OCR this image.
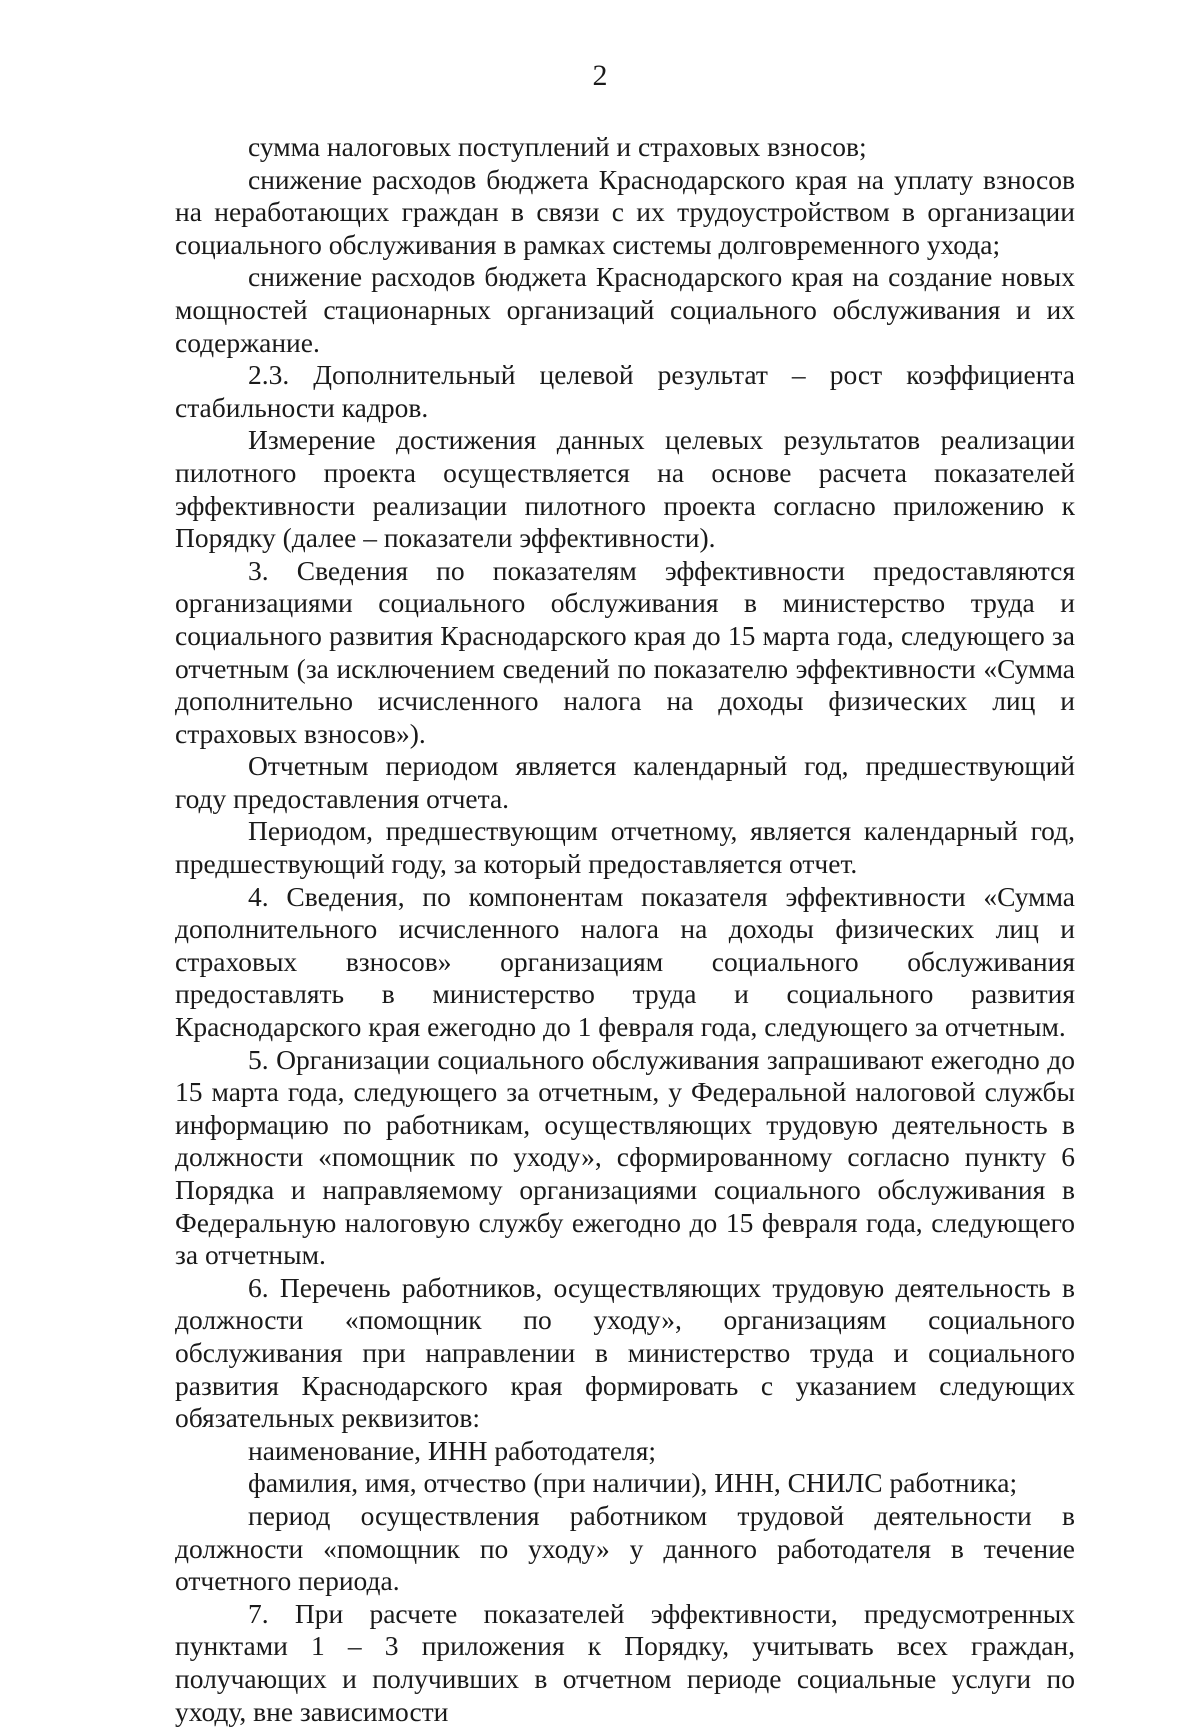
2

сумма налоговых поступлений и страховых взносов;

снижение расходов бюджета Краснодарского края на уплату взносов на неработающих граждан в связи с их трудоустройством в организации социального обслуживания в рамках системы долговременного ухода;

снижение расходов бюджета Краснодарского края на создание новых мощностей стационарных организаций социального обслуживания и их содержание.

2.3. Дополнительный целевой результат – рост коэффициента стабильности кадров.

Измерение достижения данных целевых результатов реализации пилотного проекта осуществляется на основе расчета показателей эффективности реализации пилотного проекта согласно приложению к Порядку (далее – показатели эффективности).

3. Сведения по показателям эффективности предоставляются организациями социального обслуживания в министерство труда и социального развития Краснодарского края до 15 марта года, следующего за отчетным (за исключением сведений по показателю эффективности «Сумма дополнительно исчисленного налога на доходы физических лиц и страховых взносов»).

Отчетным периодом является календарный год, предшествующий году предоставления отчета.

Периодом, предшествующим отчетному, является календарный год, предшествующий году, за который предоставляется отчет.

4. Сведения, по компонентам показателя эффективности «Сумма дополнительного исчисленного налога на доходы физических лиц и страховых взносов» организациям социального обслуживания предоставлять в министерство труда и социального развития Краснодарского края ежегодно до 1 февраля года, следующего за отчетным.

5. Организации социального обслуживания запрашивают ежегодно до 15 марта года, следующего за отчетным, у Федеральной налоговой службы информацию по работникам, осуществляющих трудовую деятельность в должности «помощник по уходу», сформированному согласно пункту 6 Порядка и направляемому организациями социального обслуживания в Федеральную налоговую службу ежегодно до 15 февраля года, следующего за отчетным.

6. Перечень работников, осуществляющих трудовую деятельность в должности «помощник по уходу», организациям социального обслуживания при направлении в министерство труда и социального развития Краснодарского края формировать с указанием следующих обязательных реквизитов:

наименование, ИНН работодателя;

фамилия, имя, отчество (при наличии), ИНН, СНИЛС работника;

период осуществления работником трудовой деятельности в должности «помощник по уходу» у данного работодателя в течение отчетного периода.

7. При расчете показателей эффективности, предусмотренных пунктами 1 – 3 приложения к Порядку, учитывать всех граждан, получающих и получивших в отчетном периоде социальные услуги по уходу, вне зависимости
